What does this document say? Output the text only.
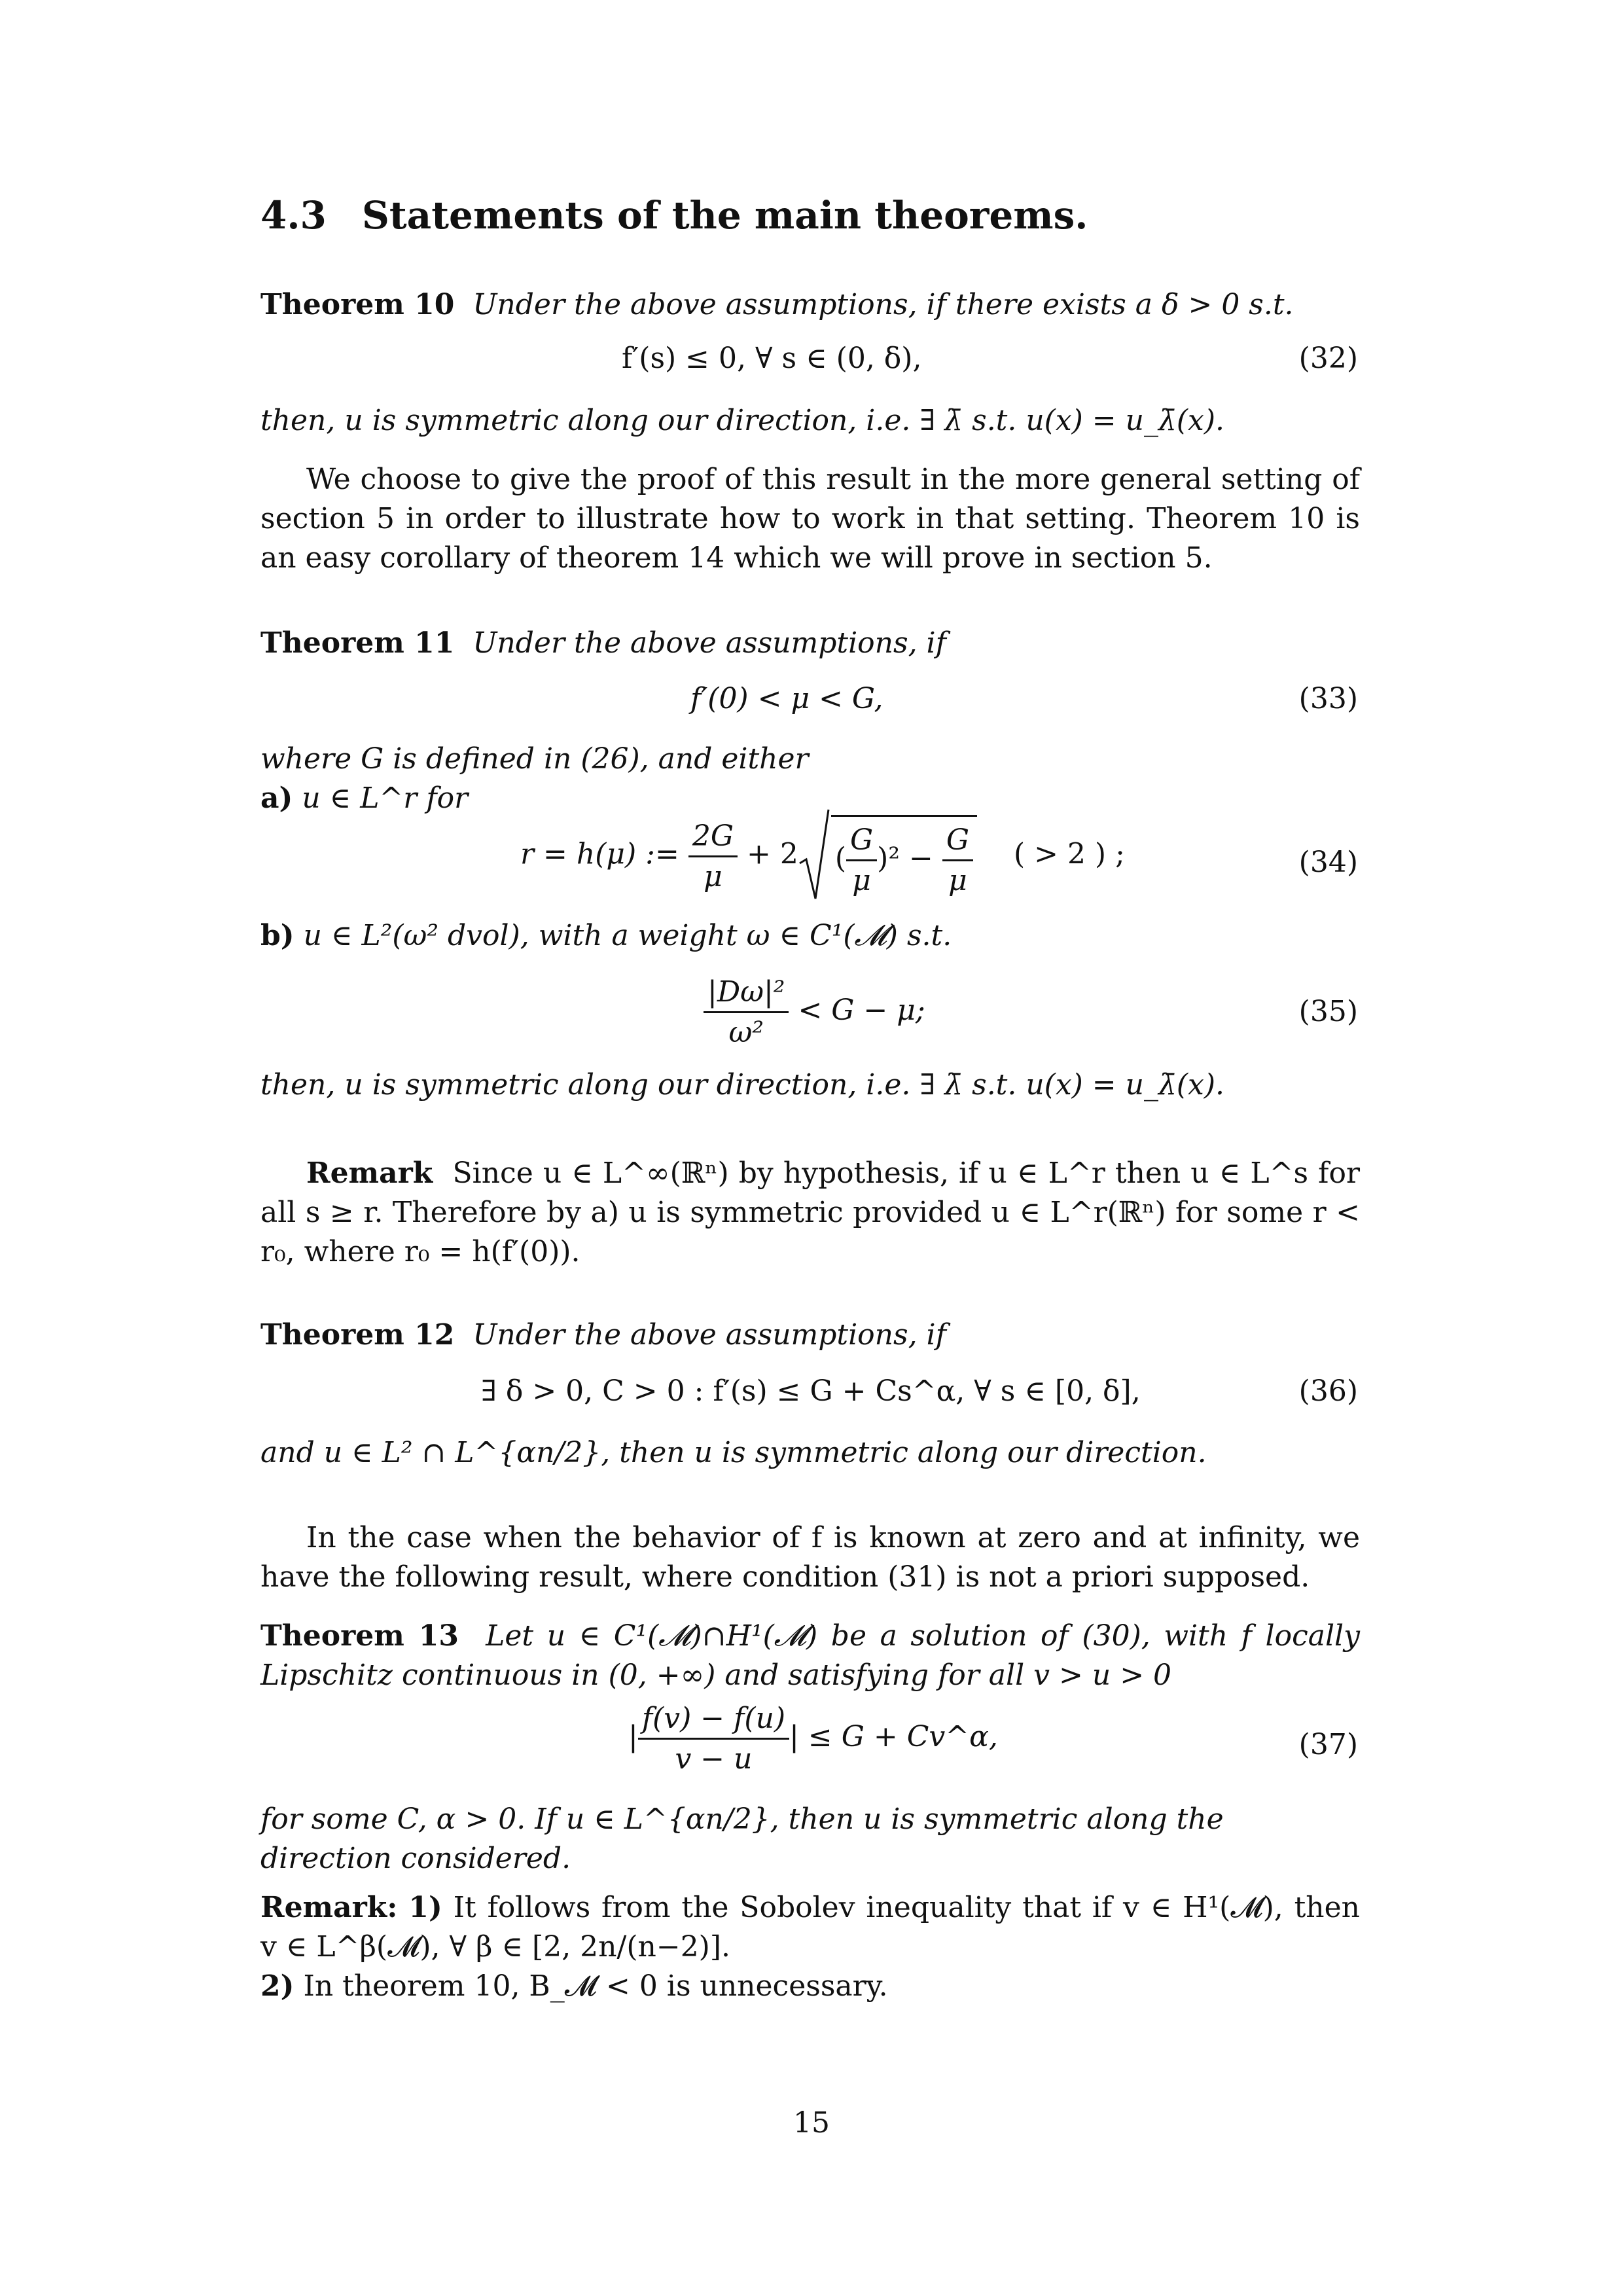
4.3 Statements of the main theorems.
Theorem 10 Under the above assumptions, if there exists a δ > 0 s.t.
f′(s) ≤ 0, ∀ s ∈ (0, δ),	(32)
then, u is symmetric along our direction, i.e. ∃ λ̄ s.t. u(x) = u_λ̄(x).
We choose to give the proof of this result in the more general setting of section 5 in order to illustrate how to work in that setting. Theorem 10 is an easy corollary of theorem 14 which we will prove in section 5.
Theorem 11 Under the above assumptions, if
f′(0) < μ < G,	(33)
where G is defined in (26), and either
a) u ∈ L^r for
r = h(μ) := $\frac{2G}{\mu} + 2$ ( $\frac{G}{\mu} )^2 - \frac{G}{\mu}$ ( > 2 ) ;	(34)
b) u ∈ L²(ω² dvol), with a weight ω ∈ C¹(𝓜) s.t.
$\frac{\text{|Dω|²}}{\text{ω²}} < G - \mu$;	(35)
then, u is symmetric along our direction, i.e. ∃ λ̄ s.t. u(x) = u_λ̄(x).
Remark Since u ∈ L^∞(ℝⁿ) by hypothesis, if u ∈ L^r then u ∈ L^s for all s ≥ r. Therefore by a) u is symmetric provided u ∈ L^r(ℝⁿ) for some r < r₀, where r₀ = h(f′(0)).
Theorem 12 Under the above assumptions, if
∃ δ > 0, C > 0 : f′(s) ≤ G + Cs^α, ∀ s ∈ [0, δ],	(36)
and u ∈ L² ∩ L^{αn/2}, then u is symmetric along our direction.
In the case when the behavior of f is known at zero and at infinity, we have the following result, where condition (31) is not a priori supposed.
Theorem 13 Let u ∈ C¹(𝓜)∩H¹(𝓜) be a solution of (30), with f locally Lipschitz continuous in (0, +∞) and satisfying for all v > u > 0
| $\frac{f(v) - f(u)}{v - u}$ | ≤ G + Cv^α,	(37)
for some C, α > 0. If u ∈ L^{αn/2}, then u is symmetric along the direction considered.
Remark: 1) It follows from the Sobolev inequality that if v ∈ H¹(𝓜), then v ∈ L^β(𝓜), ∀ β ∈ [2, 2n/(n−2)].
2) In theorem 10, B_𝓜 < 0 is unnecessary.
15
